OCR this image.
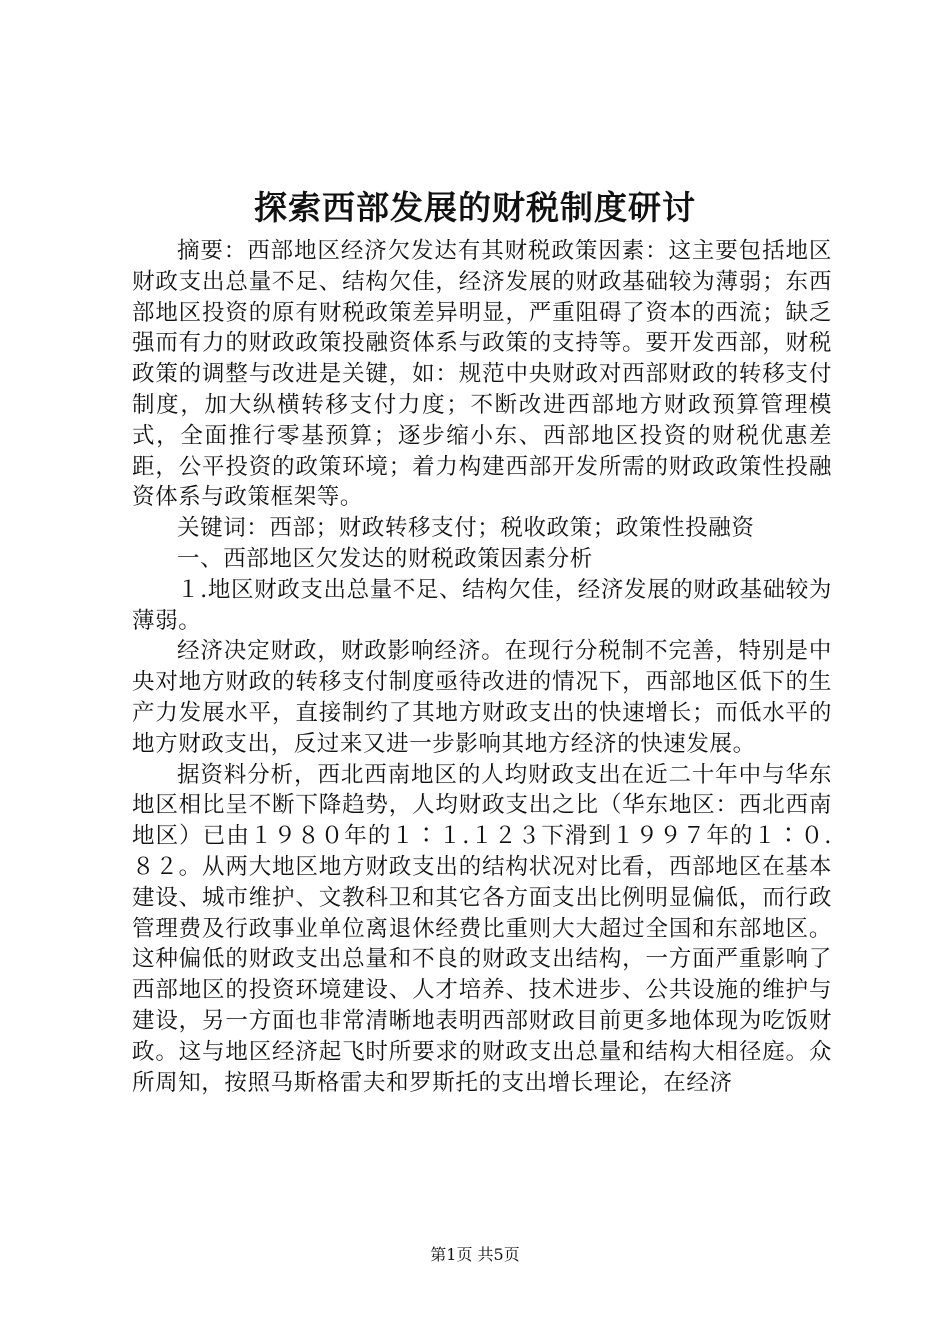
探索西部发展的财税制度研讨

摘要：西部地区经济欠发达有其财税政策因素：这主要包括地区财政支出总量不足、结构欠佳，经济发展的财政基础较为薄弱；东西部地区投资的原有财税政策差异明显，严重阻碍了资本的西流；缺乏强而有力的财政政策投融资体系与政策的支持等。要开发西部，财税政策的调整与改进是关键，如：规范中央财政对西部财政的转移支付制度，加大纵横转移支付力度；不断改进西部地方财政预算管理模式，全面推行零基预算；逐步缩小东、西部地区投资的财税优惠差距，公平投资的政策环境；着力构建西部开发所需的财政政策性投融资体系与政策框架等。

关键词：西部；财政转移支付；税收政策；政策性投融资

一、西部地区欠发达的财税政策因素分析

１.地区财政支出总量不足、结构欠佳，经济发展的财政基础较为薄弱。

经济决定财政，财政影响经济。在现行分税制不完善，特别是中央对地方财政的转移支付制度亟待改进的情况下，西部地区低下的生产力发展水平，直接制约了其地方财政支出的快速增长；而低水平的地方财政支出，反过来又进一步影响其地方经济的快速发展。

据资料分析，西北西南地区的人均财政支出在近二十年中与华东地区相比呈不断下降趋势，人均财政支出之比（华东地区：西北西南地区）已由１９８０年的１∶１.１２３下滑到１９９７年的１∶０.８２。从两大地区地方财政支出的结构状况对比看，西部地区在基本建设、城市维护、文教科卫和其它各方面支出比例明显偏低，而行政管理费及行政事业单位离退休经费比重则大大超过全国和东部地区。这种偏低的财政支出总量和不良的财政支出结构，一方面严重影响了西部地区的投资环境建设、人才培养、技术进步、公共设施的维护与建设，另一方面也非常清晰地表明西部财政目前更多地体现为吃饭财政。这与地区经济起飞时所要求的财政支出总量和结构大相径庭。众所周知，按照马斯格雷夫和罗斯托的支出增长理论，在经济

第1页 共5页
